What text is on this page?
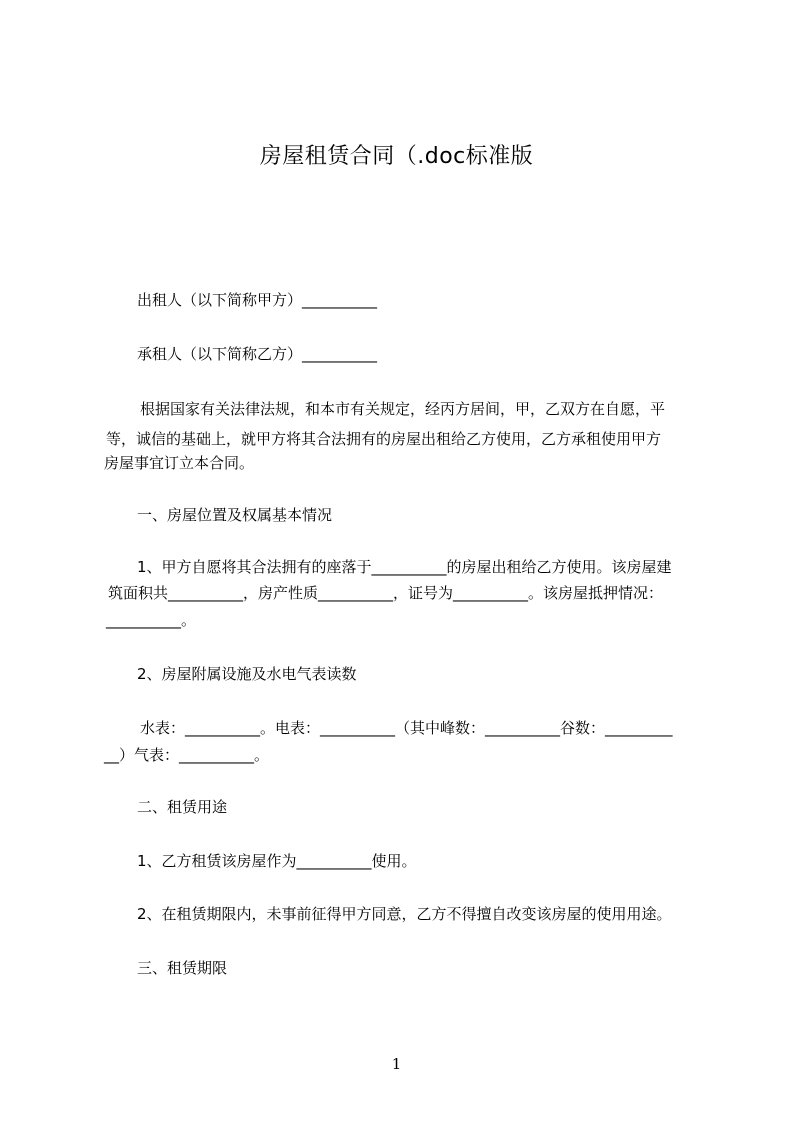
房屋租赁合同（.doc标准版
出租人（以下简称甲方）__________
承租人（以下简称乙方）__________
根据国家有关法律法规，和本市有关规定，经丙方居间，甲，乙双方在自愿，平
等，诚信的基础上，就甲方将其合法拥有的房屋出租给乙方使用，乙方承租使用甲方
房屋事宜订立本合同。
一、房屋位置及权属基本情况
1、甲方自愿将其合法拥有的座落于__________的房屋出租给乙方使用。该房屋建
筑面积共__________，房产性质__________，证号为__________。该房屋抵押情况：
__________。
2、房屋附属设施及水电气表读数
水表：__________。电表：__________（其中峰数：__________谷数：_________
__）气表：__________。
二、租赁用途
1、乙方租赁该房屋作为__________使用。
2、在租赁期限内，未事前征得甲方同意，乙方不得擅自改变该房屋的使用用途。
三、租赁期限
1
